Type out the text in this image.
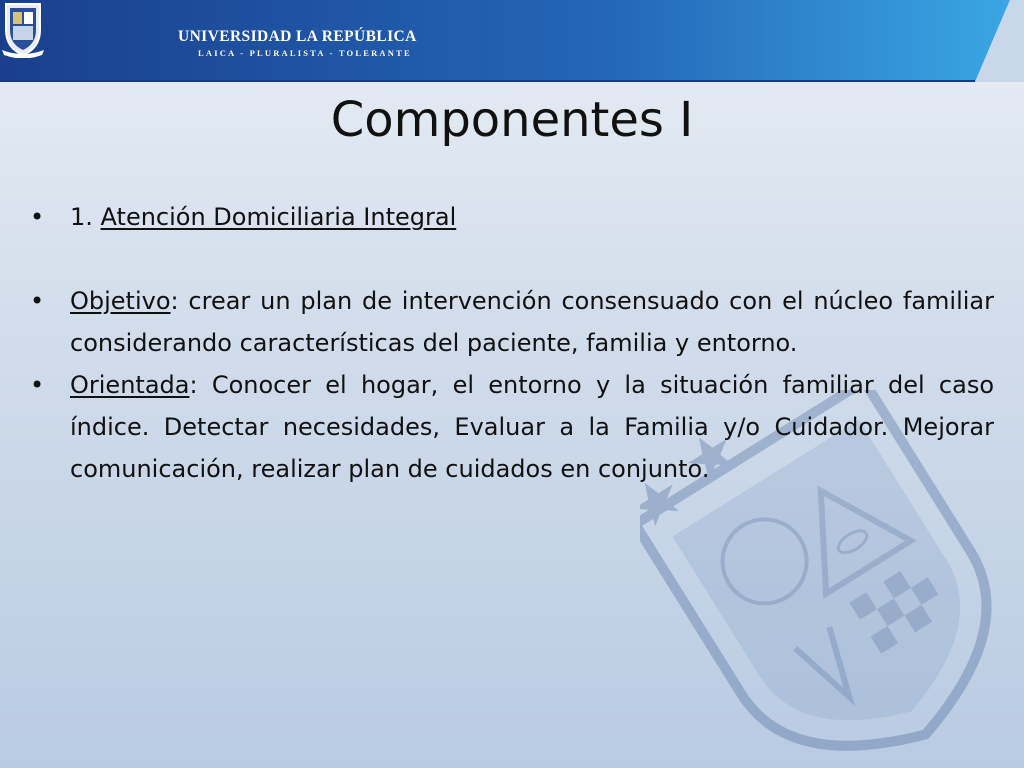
UNIVERSIDAD LA REPÚBLICA
LAICA - PLURALISTA - TOLERANTE
Componentes I
• 1. Atención Domiciliaria Integral
• Objetivo: crear un plan de intervención consensuado con el núcleo familiar considerando características del paciente, familia y entorno.
• Orientada: Conocer el hogar, el entorno y la situación familiar del caso índice. Detectar necesidades, Evaluar a la Familia y/o Cuidador. Mejorar comunicación, realizar plan de cuidados en conjunto.
